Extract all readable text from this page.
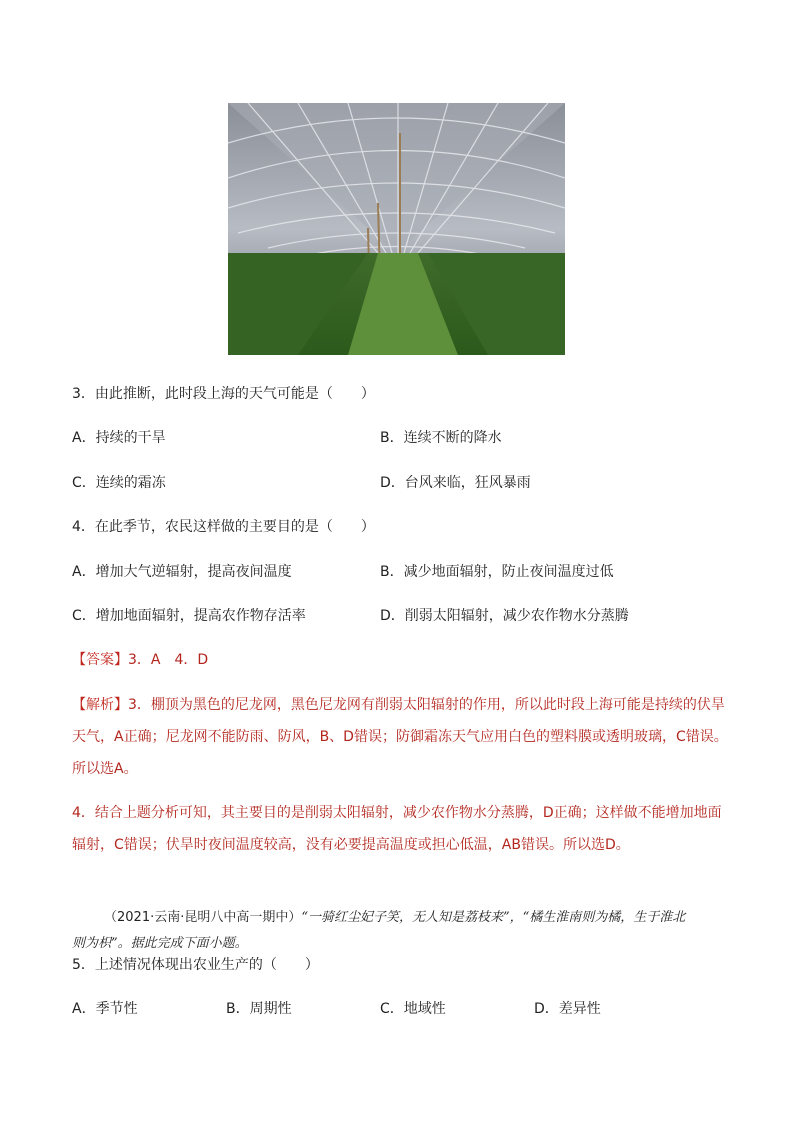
3．由此推断，此时段上海的天气可能是（　　）
A．持续的干旱	B．连续不断的降水
C．连续的霜冻	D．台风来临，狂风暴雨
4．在此季节，农民这样做的主要目的是（　　）
A．增加大气逆辐射，提高夜间温度	B．减少地面辐射，防止夜间温度过低
C．增加地面辐射，提高农作物存活率	D．削弱太阳辐射，减少农作物水分蒸腾
【答案】3．A　4．D
【解析】3．棚顶为黑色的尼龙网，黑色尼龙网有削弱太阳辐射的作用，所以此时段上海可能是持续的伏旱
天气，A正确；尼龙网不能防雨、防风，B、D错误；防御霜冻天气应用白色的塑料膜或透明玻璃，C错误。
所以选A。
4．结合上题分析可知，其主要目的是削弱太阳辐射，减少农作物水分蒸腾，D正确；这样做不能增加地面
辐射，C错误；伏旱时夜间温度较高，没有必要提高温度或担心低温，AB错误。所以选D。
（2021·云南·昆明八中高一期中）“一骑红尘妃子笑，无人知是荔枝来”，“橘生淮南则为橘，生于淮北
则为枳”。据此完成下面小题。
5．上述情况体现出农业生产的（　　）
A．季节性	B．周期性	C．地域性	D．差异性
